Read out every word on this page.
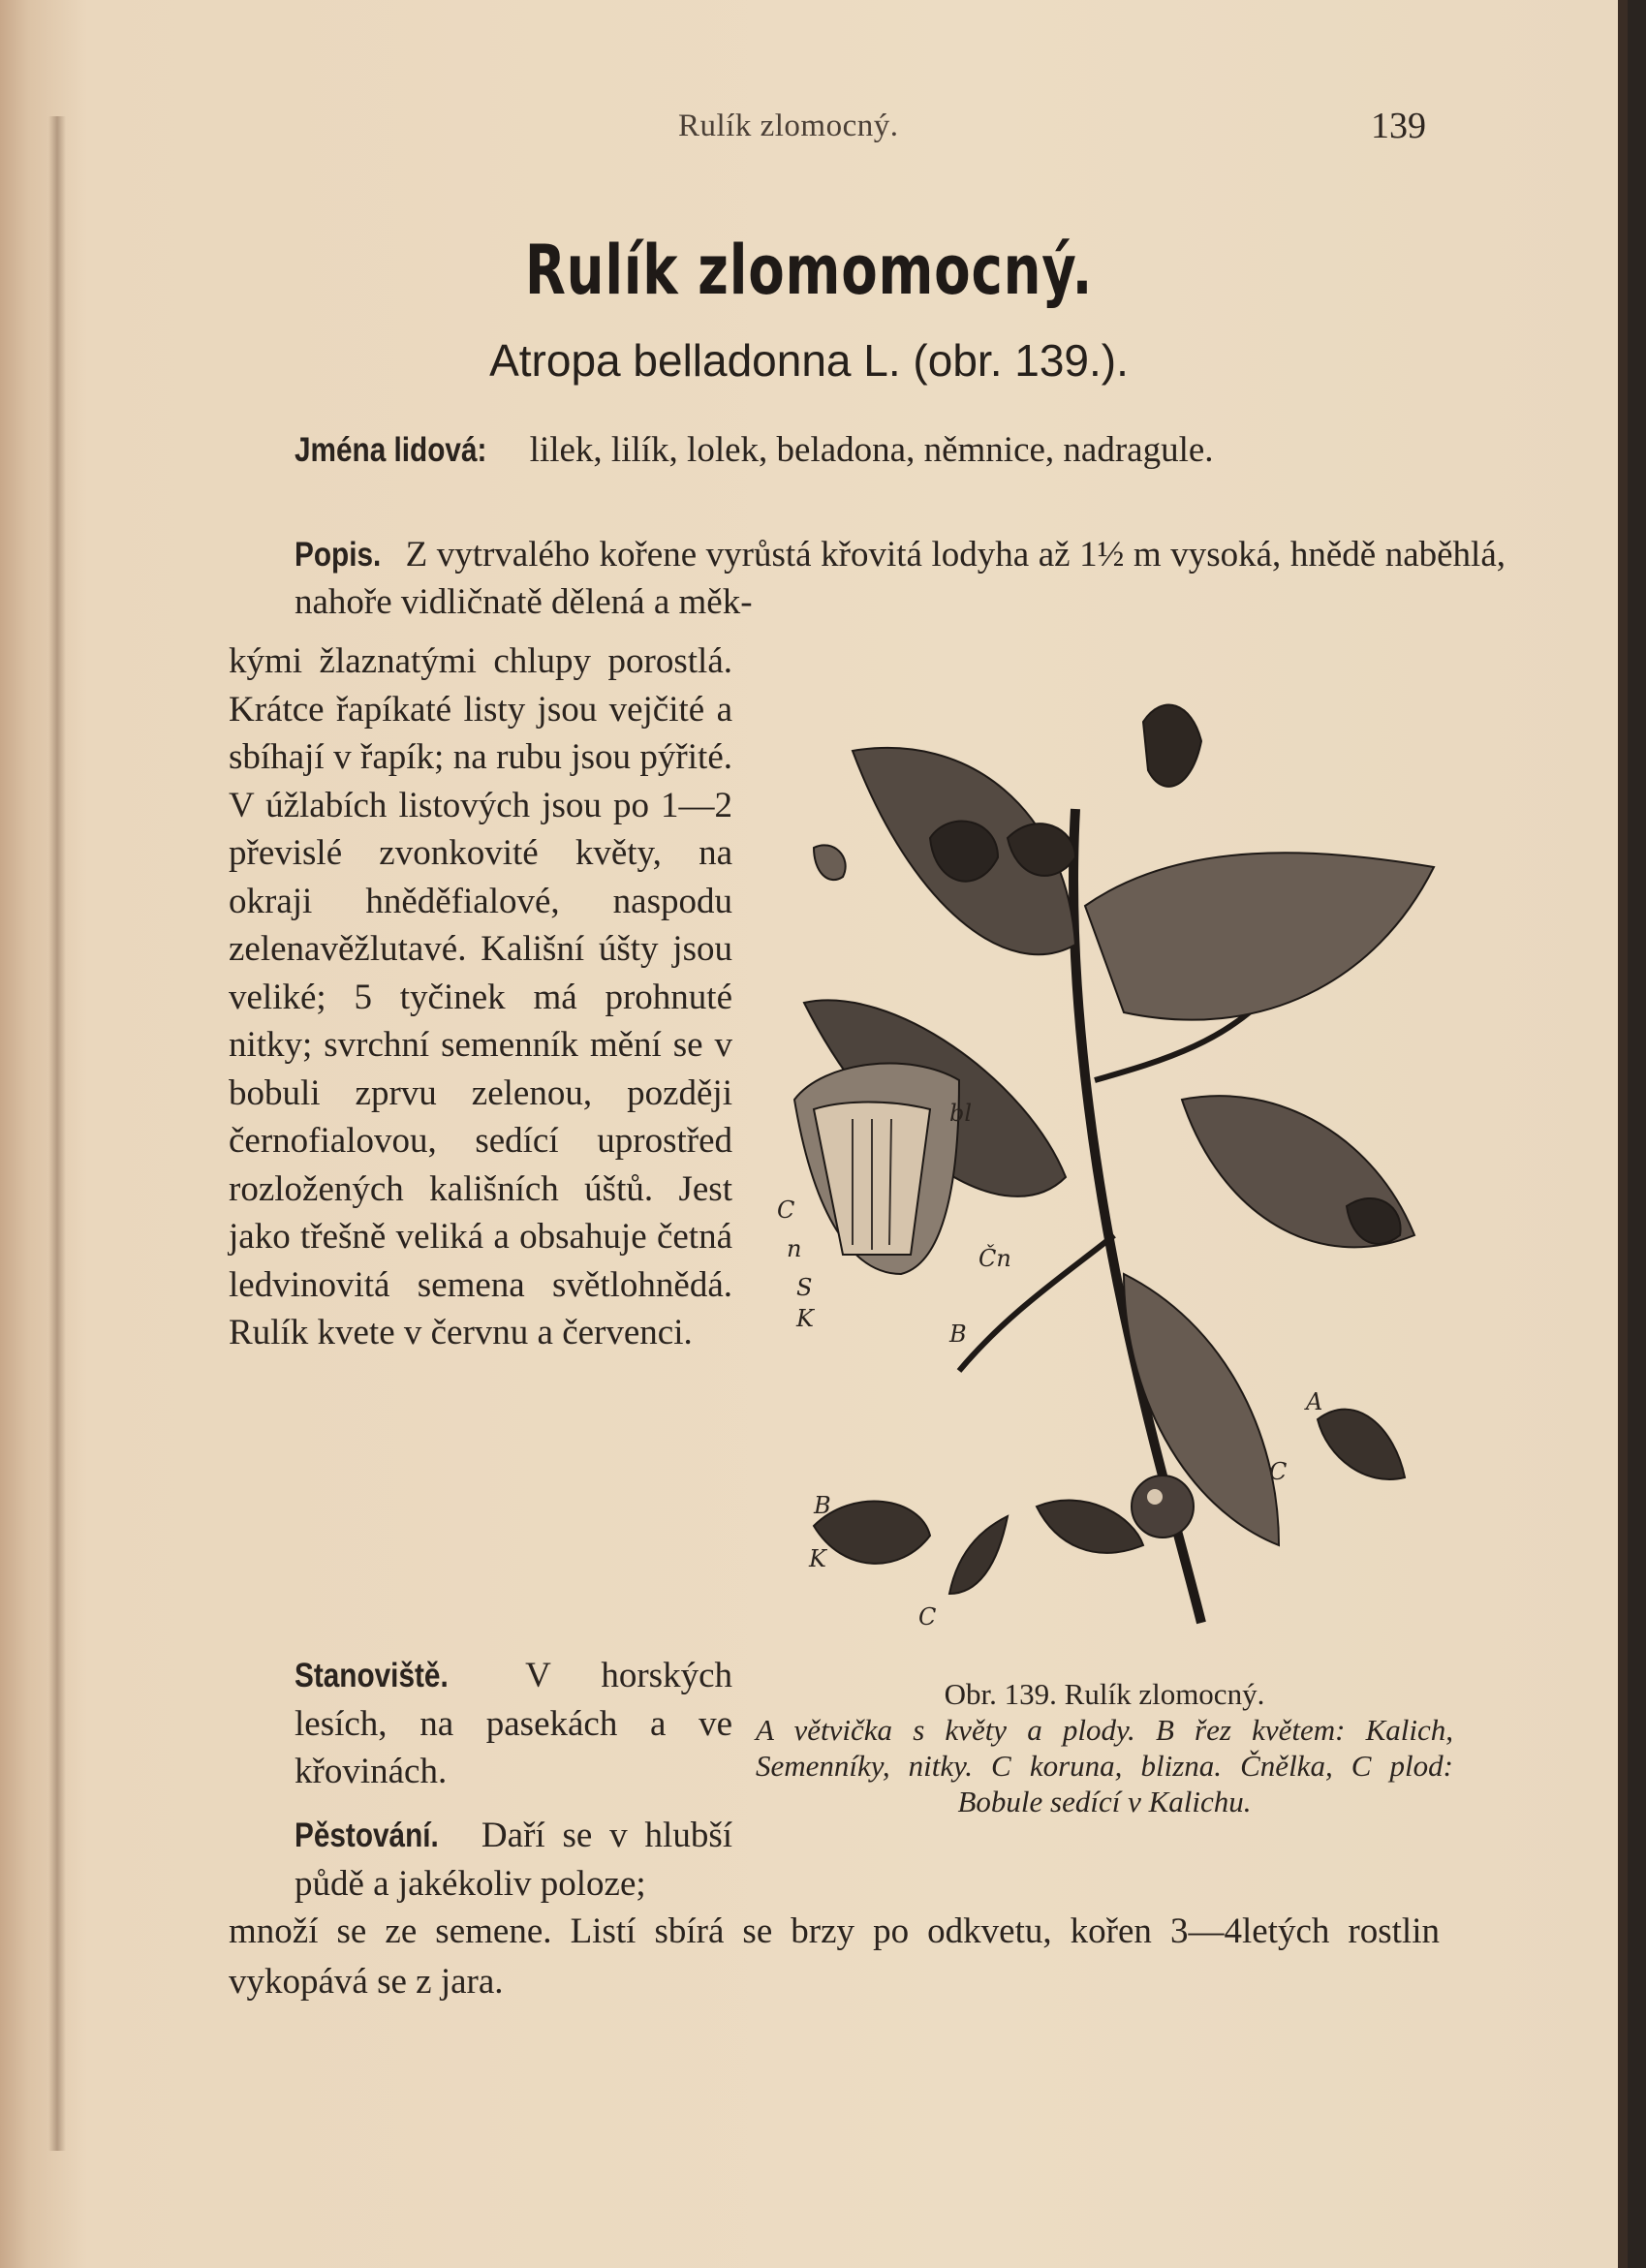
Rulík zlomocný.	139
Rulík zlomomocný.
Atropa belladonna L. (obr. 139.).
Jména lidová: lilek, lilík, lolek, beladona, němnice, nadragule.
Popis. Z vytrvalého kořene vyrůstá křovitá lodyha až 1½ m vysoká, hnědě naběhlá, nahoře vidličnatě dělená a měk-
kými žlaznatými chlupy porostlá. Krátce řapíkaté listy jsou vejčité a sbíhají v řapík; na rubu jsou pýřité. V úžlabích listových jsou po 1—2 převislé zvonkovité květy, na okraji hněděfialové, naspodu zelenavěžlutavé. Kališní úšty jsou veliké; 5 tyčinek má prohnuté nitky; svrchní semenník mění se v bobuli zprvu zelenou, později černofialovou, sedící uprostřed rozložených kališních úštů. Jest jako třešně veliká a obsahuje četná ledvinovitá semena světlohnědá. Rulík kvete v červnu a červenci.
Stanoviště. V horských lesích, na pasekách a ve křovinách.
Pěstování. Daří se v hlubší půdě a jakékoliv poloze;
množí se ze semene. Listí sbírá se brzy po odkvetu, kořen 3—4letých rostlin vykopává se z jara.
bl
C
n	Čn
S
K
B
A
B
K
C
C
Obr. 139. Rulík zlomocný.
A větvička s květy a plody. B řez květem: Kalich, Semenníky, nitky. C koruna, blizna. Čnělka, C plod: Bobule sedící v Kalichu.
